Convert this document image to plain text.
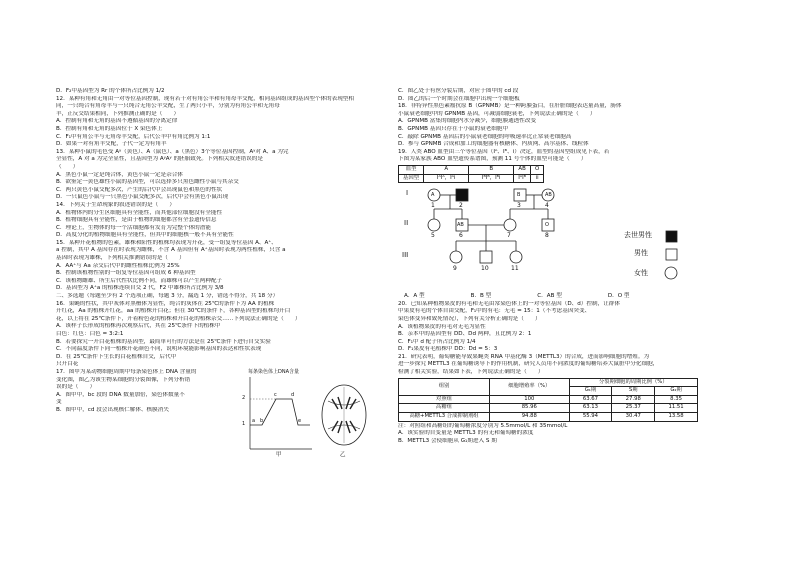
D．F₂中基因型为 Rr 的个体所占比例为 1/2

12．某种有角和无角由一对等位基因控制，现有若干对有角公羊和有角母羊交配，相同基因组成的基因型个体的表现型相

同，一只纯合有角母羊与一只纯合无角公羊交配，生了两只小羊，分别为有角公羊和无角母

羊，正反交结果相同，下列推测正确的是（　　）

A．控制有角和无角的基因不遵循基因的分离定律

B．控制有角和无角的基因位于 X 染色体上

C．F₁中有角公羊与无角母羊交配，后代公羊中有角比例为 1:1

D．如果一对有角羊交配，子代一定为有角羊

13．某种小鼠的毛色受 Aʸ（黄色）、A（鼠色）、a（黑色）3个等位基因控制，Aʸ对 A、a 为完

全显性，A 对 a 为完全显性，且基因型为 AʸAʸ 的胚胎致死。下列相关叙述错误的是

（　　）

A．黑色小鼠一定是纯合体，黄色小鼠一定是杂合体

B．欲鉴定一黄色雄性小鼠的基因型，可以选择多只黑色雌性小鼠与其杂交

C．两只黄色小鼠交配多次，产生的后代中会出现鼠色和黑色的性状

D．一只鼠色小鼠与一只黑色小鼠交配多次，后代中会有黑色小鼠出现

14．下列关于生命现象的叙述错误的是（　　）

A．植物体内的分生区细胞具有全能性，而其他部位细胞没有全能性

B．植物细胞具有全能性，是由于植物的细胞都含有全套遗传信息

C．理论上，生物体的每一个活细胞都有发育为完整个体的潜能

D．高度分化的植物细胞具有全能性，但其中的细胞核一般不具有全能性

15．某种开花植物的色素，雄株和阳性的植株均表现为开花，受一组复等位基因 A、A⁺、

a 控制，其中 A 基因存在时表现为雌株，不含 A 基因但有 A⁺基因时表现为两性植株，只含 a

基因时表现为雄株，下列相关推测错误的是（　　）

A．AA⁺与 Aa 杂交后代中的雌性植株比例为 25%

B．控制该植物性别的一组复等位基因可组成 6 种基因型

C．该植物雌雄、所生后代性状比例不同，而雄株可以产生两种配子

D．基因型为 A⁺a 的植株连续自交 2 代，F2 中雄株所占比例为 3/8

二、多选题（每题至少有 2 个选项正确，每题 3 分，漏选 1 分，错选不得分，共 18 分）

16．果蝇的性状，其中灰体对黑檀体为显性，纯合的灰体在 25℃的条件下为 AA 的植株

开红花，Aa 的植株开红花，aa 的植株开白花；但在 30℃的条件下，各种基因型的植株均开白

花，以上将在 25℃条件下，开着粉色花的植株和开白花的植株杂交……下列说法正确的是（　　）

A．该样子长形成的植株再次观察后代，其在 25℃条件下的植株中

白色：红色：白色 = 3:2:1

B．若要探究一开白花植株的基因型，最简单可行的方法是在 25℃条件下进行自交实验

C．不同温度条件下同一植株开花颜色不同，说明环境能影响基因的表达和性状表现

D．在 25℃条件下生长的白花植株自交，后代中

只开白花

17．图甲为某动物细胞周期中每条染色体上 DNA 含量的

变化图，图乙为该生物某细胞的分裂图像，下列分析错

误的是（　　）

A．图甲中，bc 段的 DNA 数量加倍，染色体数量不

变

B．图甲中，cd 段会出现核仁解体、核膜消失

每条染色体上DNA含量
2
1 a b
c	d
e
甲	乙

C．图乙处于有丝分裂后期，对应于图甲的 cd 段

D．图乙的后一个时期会在细胞中出现一个细胞板

18．非特异性黑色素瘤抗原 B（GPNMB）是一种跨膜蛋白，在肝脏细胞表达量高量，肠体

小鼠衰老细胞中的 GPNMB 基因，可减弱细胞衰老，下列说法正确的是（　　）

A．GPNMB 富集的细胞内水分减少，细胞膜通透性改变

B．GPNMB 基因只存在于小鼠的衰老细胞中

C．敲除 GPNMB 基因后的小鼠衰老细胞的呼吸速率比正常衰老细胞高

D．参与 GPNMB 合成和加工的细胞器有核糖体、内质网、高尔基体、线粒体

19．人类 ABO 血型由三个等位基因（Iᴬ、Iᴮ、i）决定，血型的基因型组成见下表，若

下图为某家族 ABO 血型遗传系谱图，预测 11 号个体的血型可能是（　　）

血型	A	B	AB	O
基因型	IᴬIᴬ，Iᴬi	IᴮIᴮ，Iᴮi	IᴬIᴮ	ii
I
II
III
A	B	AB
AB	O
1	2	3	4
5	6	7	8
9	10	11
去世男性
男性
女性
A．A 型	B．B 型	C．AB 型	D．O 型

20．已知某种植物果皮的有毛和无毛由常染色体上的一对等位基因（D、d）控制，让群体

中果皮有毛的个体自由交配，F₁中的有毛：无毛 = 15：1（不考虑基因突变、

染色体变异和致死情况），下列有关分析正确的是（　　）

A．该植物果皮的有毛对无毛为显性

B．亲本中的基因型有 DD、Dd 两种，且比例为 2：1

C．F₁中 d 配子所占比例为 1/4

D．F₁果皮有毛植株中 DD：Dd = 5：3

21．研究表明，葡萄糖能导致果蝇类 RNA 甲基化酶 3（METTL3）的合成，进而影响细胞的增殖。为

进一步探究 METTL3 在葡萄糖诱导下的作用机制，研究人员用不同浓度的葡萄糖培养大鼠脏中分化细胞，

检测了相关实验，结果如下表，下列说法正确的是（　　）

组别	细胞增殖率（%）	分裂期细胞的周期比例（%）		
		G₁期	S期	G₂期
对照组	100	63.67	27.98	8.35
高糖组	85.96	63.13	25.37	11.51
高糖+METTL3 合成抑制剂组	94.88	55.94	30.47	13.58

注：对照组和高糖组的葡萄糖浓度分别为 5.5mmol/L 和 35mmol/L

A．该实验的自变量是 METTL3 的有无和葡萄糖的浓度

B．METTL3 会使细胞从 G₁期进入 S 期
